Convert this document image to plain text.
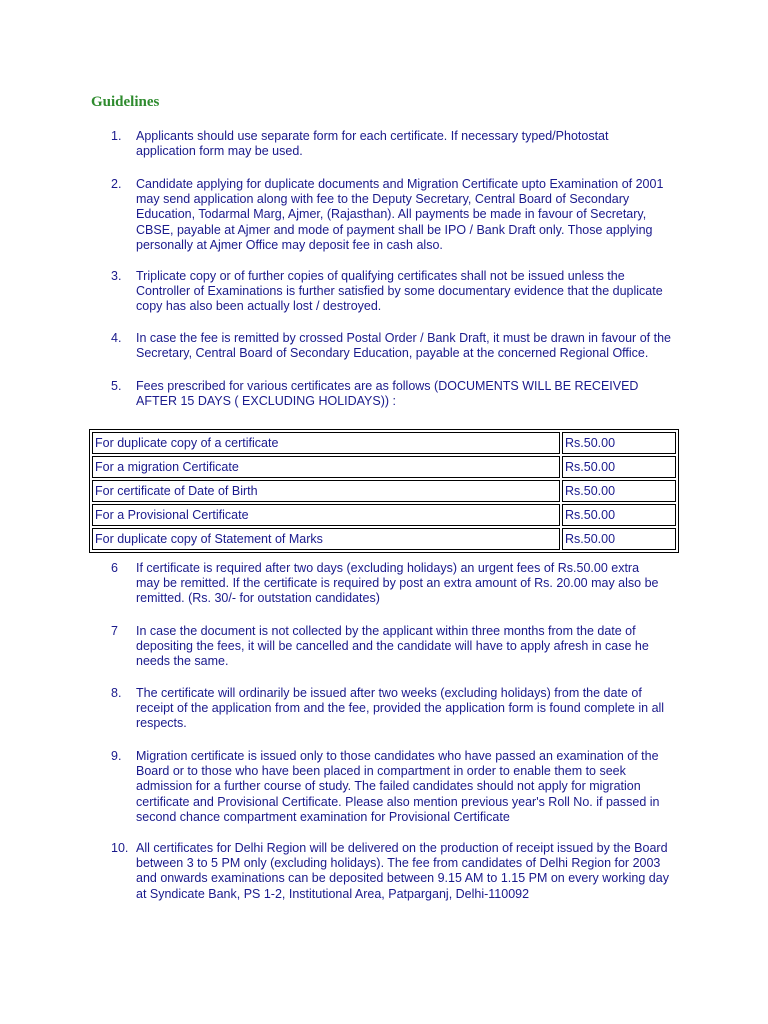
Guidelines
1. Applicants should use separate form for each certificate. If necessary typed/Photostat
application form may be used.
2. Candidate applying for duplicate documents and Migration Certificate upto Examination of 2001
may send application along with fee to the Deputy Secretary, Central Board of Secondary
Education, Todarmal Marg, Ajmer, (Rajasthan). All payments be made in favour of Secretary,
CBSE, payable at Ajmer and mode of payment shall be IPO / Bank Draft only. Those applying
personally at Ajmer Office may deposit fee in cash also.
3. Triplicate copy or of further copies of qualifying certificates shall not be issued unless the
Controller of Examinations is further satisfied by some documentary evidence that the duplicate
copy has also been actually lost / destroyed.
4. In case the fee is remitted by crossed Postal Order / Bank Draft, it must be drawn in favour of the
Secretary, Central Board of Secondary Education, payable at the concerned Regional Office.
5. Fees prescribed for various certificates are as follows (DOCUMENTS WILL BE RECEIVED
AFTER 15 DAYS ( EXCLUDING HOLIDAYS)) :
For duplicate copy of a certificate	Rs.50.00
For a migration Certificate	Rs.50.00
For certificate of Date of Birth	Rs.50.00
For a Provisional Certificate	Rs.50.00
For duplicate copy of Statement of Marks	Rs.50.00
6 If certificate is required after two days (excluding holidays) an urgent fees of Rs.50.00 extra
may be remitted. If the certificate is required by post an extra amount of Rs. 20.00 may also be
remitted. (Rs. 30/- for outstation candidates)
7 In case the document is not collected by the applicant within three months from the date of
depositing the fees, it will be cancelled and the candidate will have to apply afresh in case he
needs the same.
8. The certificate will ordinarily be issued after two weeks (excluding holidays) from the date of
receipt of the application from and the fee, provided the application form is found complete in all
respects.
9. Migration certificate is issued only to those candidates who have passed an examination of the
Board or to those who have been placed in compartment in order to enable them to seek
admission for a further course of study. The failed candidates should not apply for migration
certificate and Provisional Certificate. Please also mention previous year's Roll No. if passed in
second chance compartment examination for Provisional Certificate
10. All certificates for Delhi Region will be delivered on the production of receipt issued by the Board
between 3 to 5 PM only (excluding holidays). The fee from candidates of Delhi Region for 2003
and onwards examinations can be deposited between 9.15 AM to 1.15 PM on every working day
at Syndicate Bank, PS 1-2, Institutional Area, Patparganj, Delhi-110092
